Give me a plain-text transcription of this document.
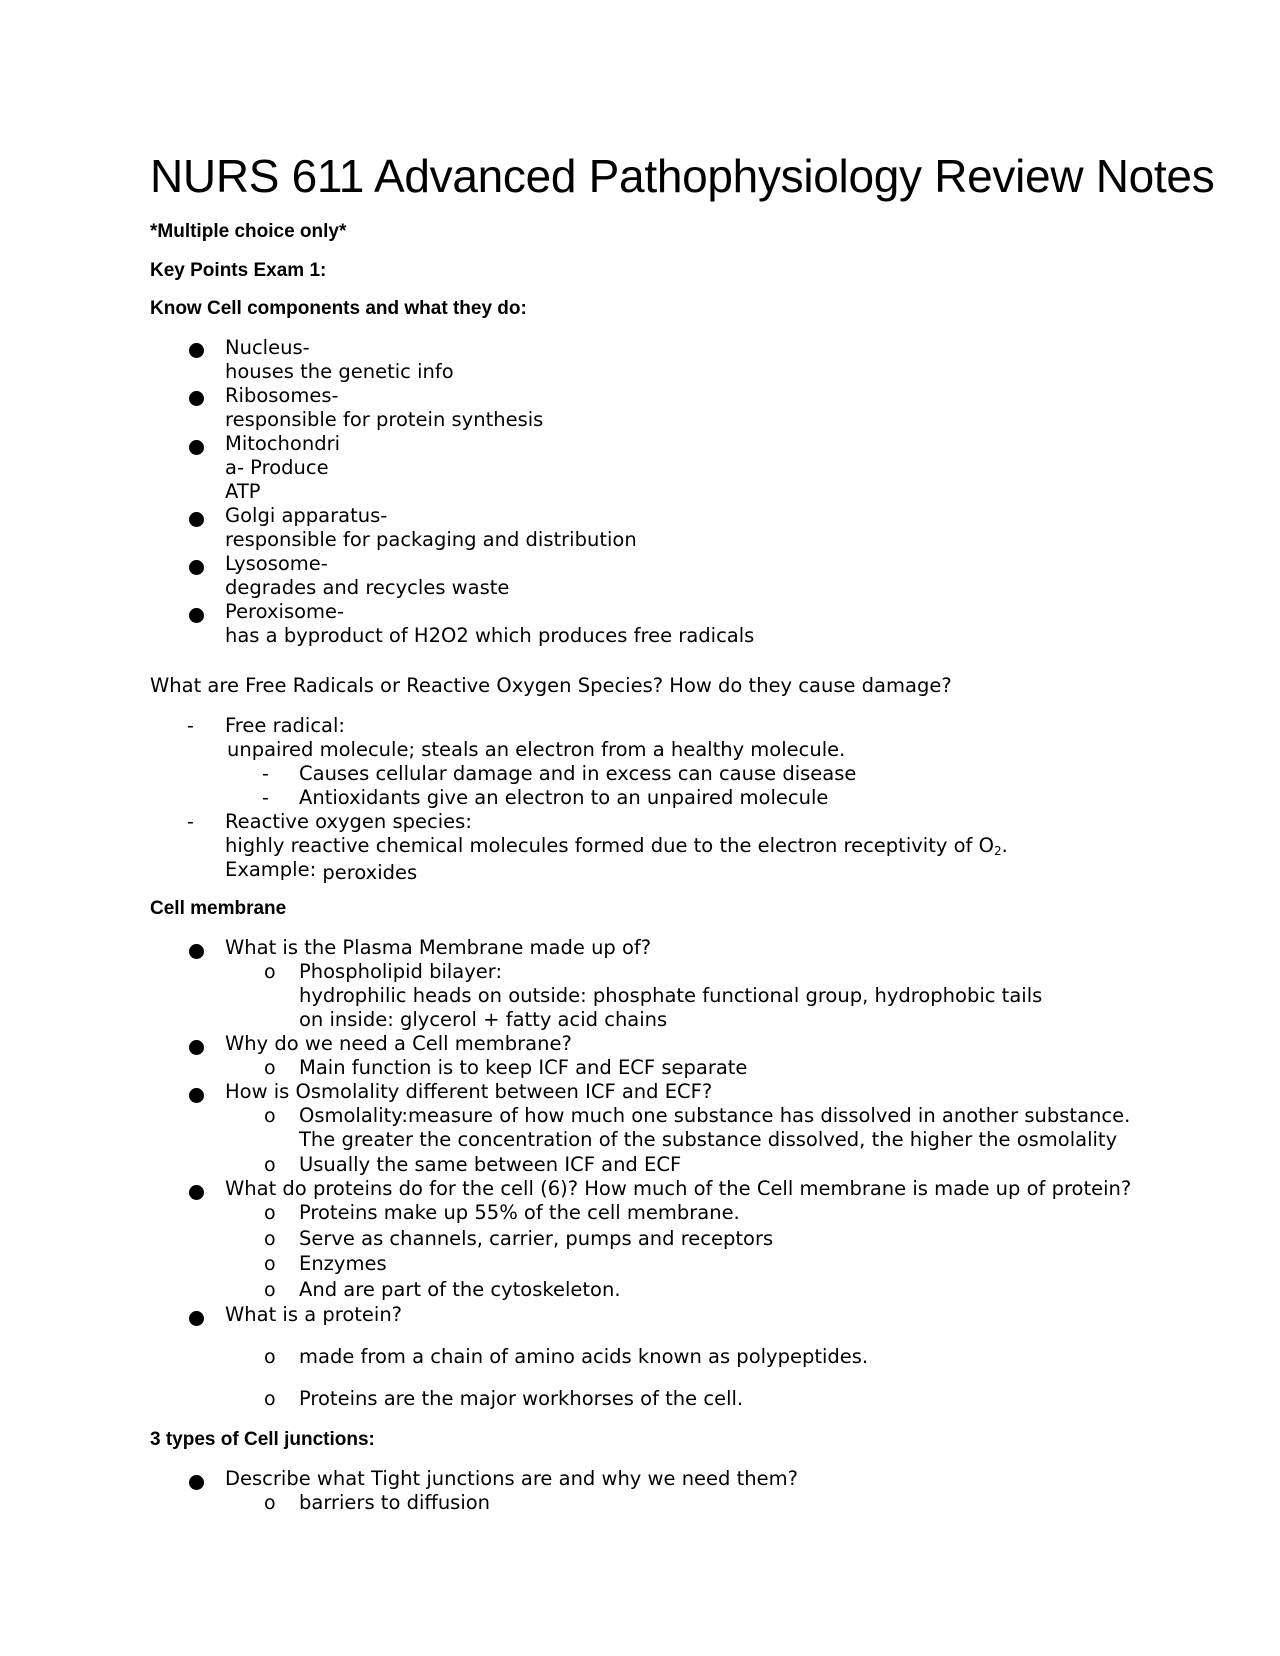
NURS 611 Advanced Pathophysiology Review Notes
*Multiple choice only*
Key Points Exam 1:
Know Cell components and what they do:
Nucleus-
houses the genetic info
Ribosomes-
responsible for protein synthesis
Mitochondri
a- Produce
ATP
Golgi apparatus-
responsible for packaging and distribution
Lysosome-
degrades and recycles waste
Peroxisome-
has a byproduct of H2O2 which produces free radicals
What are Free Radicals or Reactive Oxygen Species? How do they cause damage?
- Free radical:
unpaired molecule; steals an electron from a healthy molecule.
- Causes cellular damage and in excess can cause disease
- Antioxidants give an electron to an unpaired molecule
- Reactive oxygen species:
highly reactive chemical molecules formed due to the electron receptivity of $O_2$.
Example: peroxides
Cell membrane
What is the Plasma Membrane made up of?
o Phospholipid bilayer:
hydrophilic heads on outside: phosphate functional group, hydrophobic tails
on inside: glycerol + fatty acid chains
Why do we need a Cell membrane?
o Main function is to keep ICF and ECF separate
How is Osmolality different between ICF and ECF?
o Osmolality:measure of how much one substance has dissolved in another substance.
The greater the concentration of the substance dissolved, the higher the osmolality
o Usually the same between ICF and ECF
What do proteins do for the cell (6)? How much of the Cell membrane is made up of protein?
o Proteins make up 55% of the cell membrane.
o Serve as channels, carrier, pumps and receptors
o Enzymes
o And are part of the cytoskeleton.
What is a protein?
o made from a chain of amino acids known as polypeptides.
o Proteins are the major workhorses of the cell.
3 types of Cell junctions:
Describe what Tight junctions are and why we need them?
o barriers to diffusion
